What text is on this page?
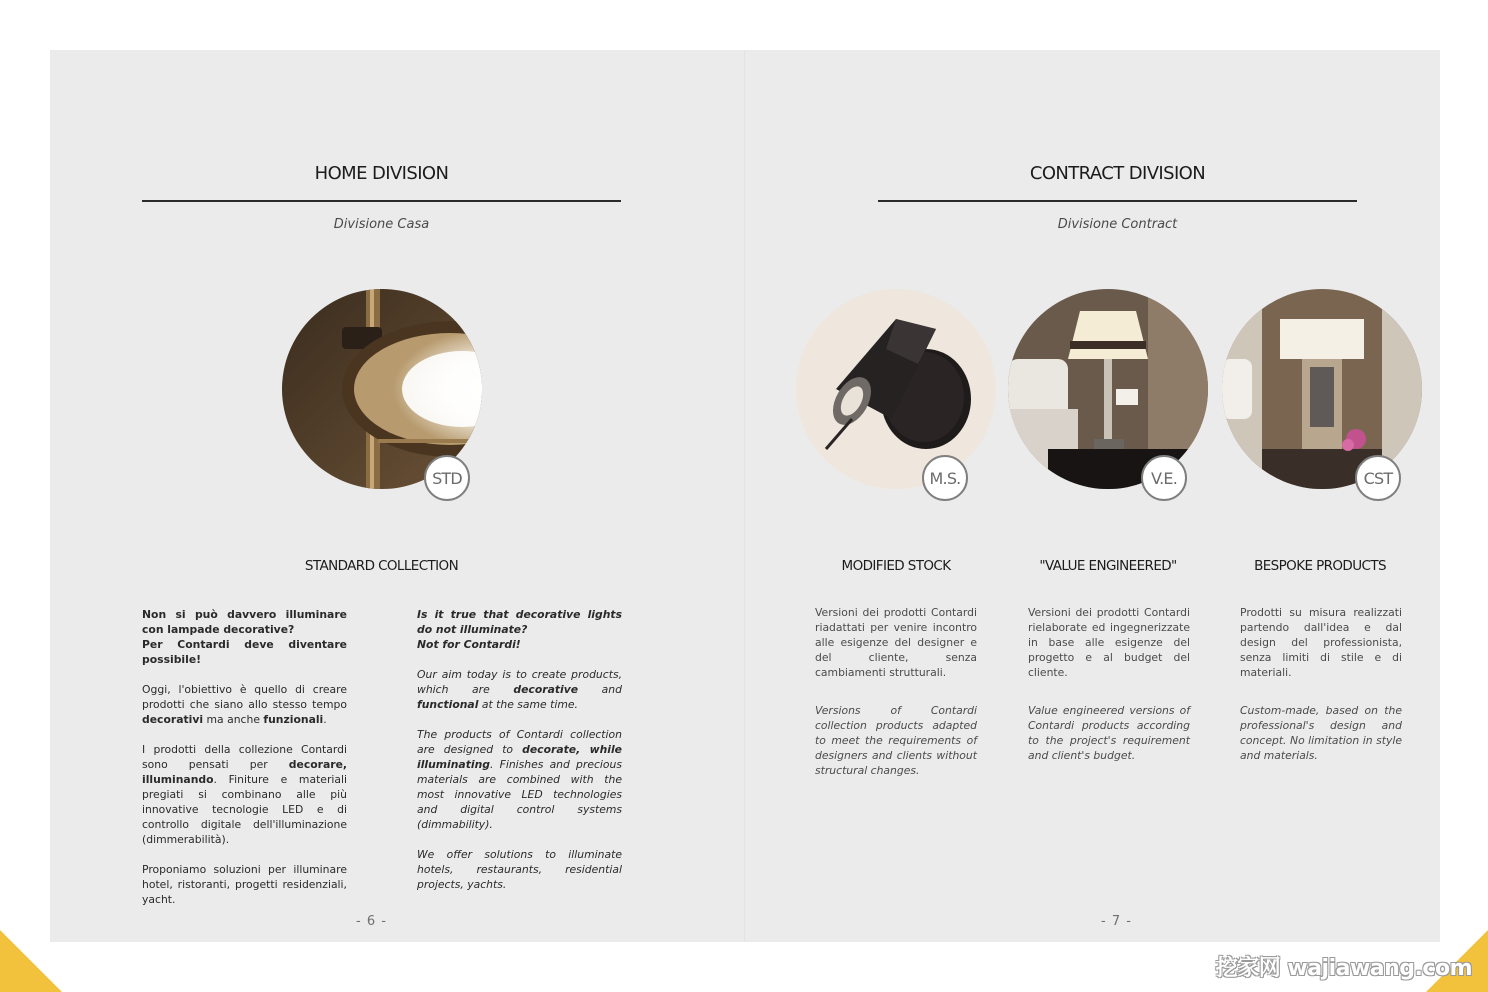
HOME DIVISION
Divisione Casa
STD
STANDARD COLLECTION

Non si può davvero illuminare con lampade decorative?
Per Contardi deve diventare possibile!

Oggi, l'obiettivo è quello di creare prodotti che siano allo stesso tempo decorativi ma anche funzionali.

I prodotti della collezione Contardi sono pensati per decorare, illuminando. Finiture e materiali pregiati si combinano alle più innovative tecnologie LED e di controllo digitale dell'illuminazione (dimmerabilità).

Proponiamo soluzioni per illuminare hotel, ristoranti, progetti residenziali, yacht.

Is it true that decorative lights do not illuminate?
Not for Contardi!

Our aim today is to create products, which are decorative and functional at the same time.

The products of Contardi collection are designed to decorate, while illuminating. Finishes and precious materials are combined with the most innovative LED technologies and digital control systems (dimmability).

We offer solutions to illuminate hotels, restaurants, residential projects, yachts.

- 6 -
CONTRACT DIVISION
Divisione Contract
M.S.
MODIFIED STOCK

Versioni dei prodotti Contardi riadattati per venire incontro alle esigenze del designer e del cliente, senza cambiamenti strutturali.

Versions of Contardi collection products adapted to meet the requirements of designers and clients without structural changes.

V.E.
"VALUE ENGINEERED"

Versioni dei prodotti Contardi rielaborate ed ingegnerizzate in base alle esigenze del progetto e al budget del cliente.

Value engineered versions of Contardi products according to the project's requirement and client's budget.

CST
BESPOKE PRODUCTS

Prodotti su misura realizzati partendo dall'idea e dal design del professionista, senza limiti di stile e di materiali.

Custom-made, based on the professional's design and concept. No limitation in style and materials.

- 7 -
挖家网 wajiawang.com
